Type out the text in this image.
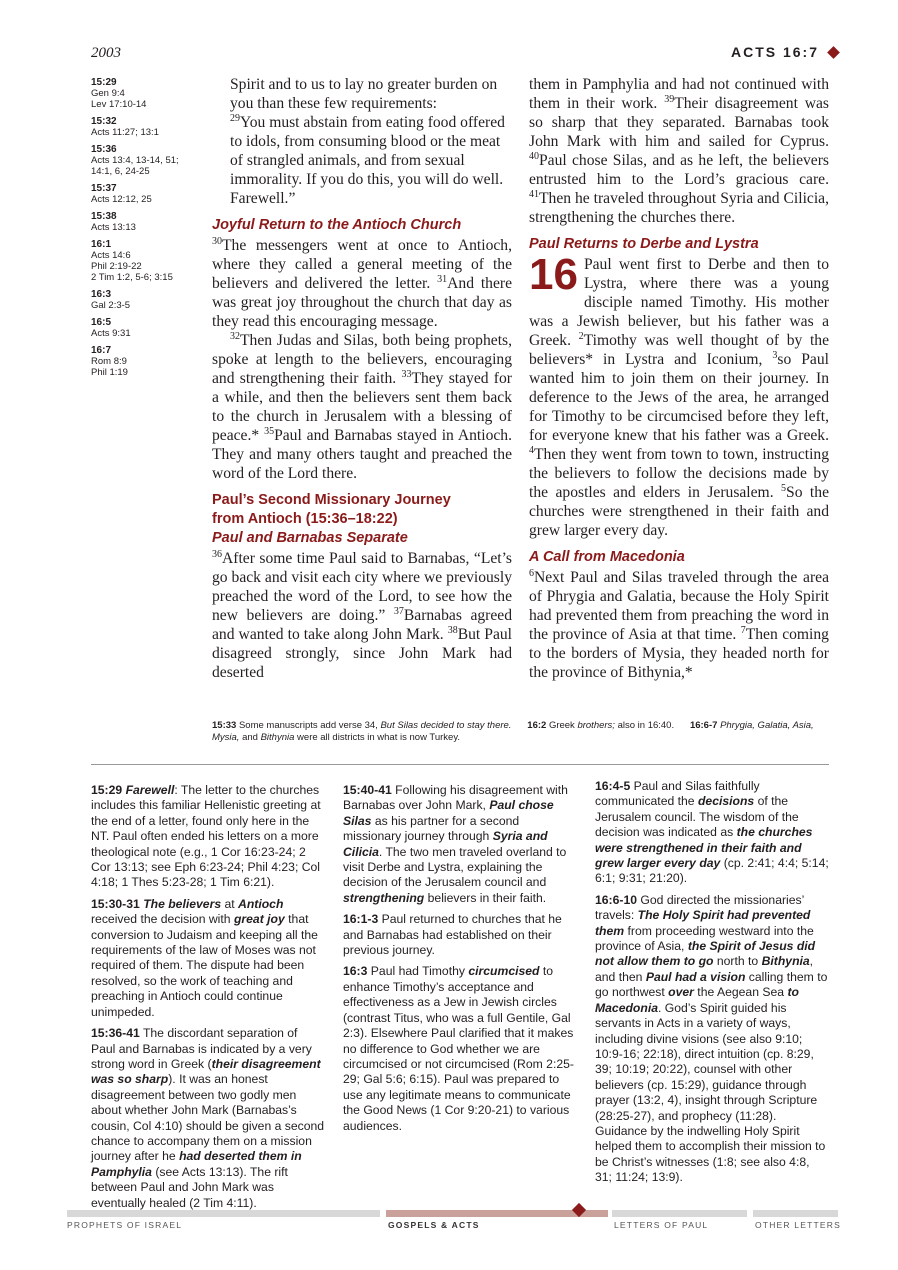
2003	ACTS 16:7
15:29
Gen 9:4
Lev 17:10-14
15:32
Acts 11:27; 13:1
15:36
Acts 13:4, 13-14, 51;
14:1, 6, 24-25
15:37
Acts 12:12, 25
15:38
Acts 13:13
16:1
Acts 14:6
Phil 2:19-22
2 Tim 1:2, 5-6; 3:15
16:3
Gal 2:3-5
16:5
Acts 9:31
16:7
Rom 8:9
Phil 1:19

Spirit and to us to lay no greater burden on you than these few requirements:

$^{29}$You must abstain from eating food offered to idols, from consuming blood or the meat of strangled animals, and from sexual immorality. If you do this, you will do well. Farewell.”

Joyful Return to the Antioch Church

$^{30}$The messengers went at once to Antioch, where they called a general meeting of the believers and delivered the letter. $^{31}$And there was great joy throughout the church that day as they read this encouraging message.

$^{32}$Then Judas and Silas, both being prophets, spoke at length to the believers, encouraging and strengthening their faith. $^{33}$They stayed for a while, and then the believers sent them back to the church in Jerusalem with a blessing of peace.* $^{35}$Paul and Barnabas stayed in Antioch. They and many others taught and preached the word of the Lord there.

Paul’s Second Missionary Journey
from Antioch (15:36–18:22)
Paul and Barnabas Separate

$^{36}$After some time Paul said to Barnabas, “Let’s go back and visit each city where we previously preached the word of the Lord, to see how the new believers are doing.” $^{37}$Barnabas agreed and wanted to take along John Mark. $^{38}$But Paul disagreed strongly, since John Mark had deserted

them in Pamphylia and had not continued with them in their work. $^{39}$Their disagreement was so sharp that they separated. Barnabas took John Mark with him and sailed for Cyprus. $^{40}$Paul chose Silas, and as he left, the believers entrusted him to the Lord’s gracious care. $^{41}$Then he traveled throughout Syria and Cilicia, strengthening the churches there.

Paul Returns to Derbe and Lystra

16 Paul went first to Derbe and then to Lystra, where there was a young disciple named Timothy. His mother was a Jewish believer, but his father was a Greek. $^2$Timothy was well thought of by the believers* in Lystra and Iconium, $^3$so Paul wanted him to join them on their journey. In deference to the Jews of the area, he arranged for Timothy to be circumcised before they left, for everyone knew that his father was a Greek. $^4$Then they went from town to town, instructing the believers to follow the decisions made by the apostles and elders in Jerusalem. $^5$So the churches were strengthened in their faith and grew larger every day.

A Call from Macedonia

$^6$Next Paul and Silas traveled through the area of Phrygia and Galatia, because the Holy Spirit had prevented them from preaching the word in the province of Asia at that time. $^7$Then coming to the borders of Mysia, they headed north for the province of Bithynia,*

15:33 Some manuscripts add verse 34, But Silas decided to stay there. 16:2 Greek brothers; also in 16:40. 16:6-7 Phrygia, Galatia, Asia, Mysia, and Bithynia were all districts in what is now Turkey.

15:29 Farewell: The letter to the churches includes this familiar Hellenistic greeting at the end of a letter, found only here in the NT. Paul often ended his letters on a more theological note (e.g., 1 Cor 16:23-24; 2 Cor 13:13; see Eph 6:23-24; Phil 4:23; Col 4:18; 1 Thes 5:23-28; 1 Tim 6:21).

15:30-31 The believers at Antioch received the decision with great joy that conversion to Judaism and keeping all the requirements of the law of Moses was not required of them. The dispute had been resolved, so the work of teaching and preaching in Antioch could continue unimpeded.

15:36-41 The discordant separation of Paul and Barnabas is indicated by a very strong word in Greek (their disagreement was so sharp). It was an honest disagreement between two godly men about whether John Mark (Barnabas’s cousin, Col 4:10) should be given a second chance to accompany them on a mission journey after he had deserted them in Pamphylia (see Acts 13:13). The rift between Paul and John Mark was eventually healed (2 Tim 4:11).

15:40-41 Following his disagreement with Barnabas over John Mark, Paul chose Silas as his partner for a second missionary journey through Syria and Cilicia. The two men traveled overland to visit Derbe and Lystra, explaining the decision of the Jerusalem council and strengthening believers in their faith.

16:1-3 Paul returned to churches that he and Barnabas had established on their previous journey.

16:3 Paul had Timothy circumcised to enhance Timothy’s acceptance and effectiveness as a Jew in Jewish circles (contrast Titus, who was a full Gentile, Gal 2:3). Elsewhere Paul clarified that it makes no difference to God whether we are circumcised or not circumcised (Rom 2:25-29; Gal 5:6; 6:15). Paul was prepared to use any legitimate means to communicate the Good News (1 Cor 9:20-21) to various audiences.

16:4-5 Paul and Silas faithfully communicated the decisions of the Jerusalem council. The wisdom of the decision was indicated as the churches were strengthened in their faith and grew larger every day (cp. 2:41; 4:4; 5:14; 6:1; 9:31; 21:20).

16:6-10 God directed the missionaries’ travels: The Holy Spirit had prevented them from proceeding westward into the province of Asia, the Spirit of Jesus did not allow them to go north to Bithynia, and then Paul had a vision calling them to go northwest over the Aegean Sea to Macedonia. God’s Spirit guided his servants in Acts in a variety of ways, including divine visions (see also 9:10; 10:9-16; 22:18), direct intuition (cp. 8:29, 39; 10:19; 20:22), counsel with other believers (cp. 15:29), guidance through prayer (13:2, 4), insight through Scripture (28:25-27), and prophecy (11:28). Guidance by the indwelling Holy Spirit helped them to accomplish their mission to be Christ’s witnesses (1:8; see also 4:8, 31; 11:24; 13:9).

PROPHETS OF ISRAEL	GOSPELS & ACTS	LETTERS OF PAUL	OTHER LETTERS
